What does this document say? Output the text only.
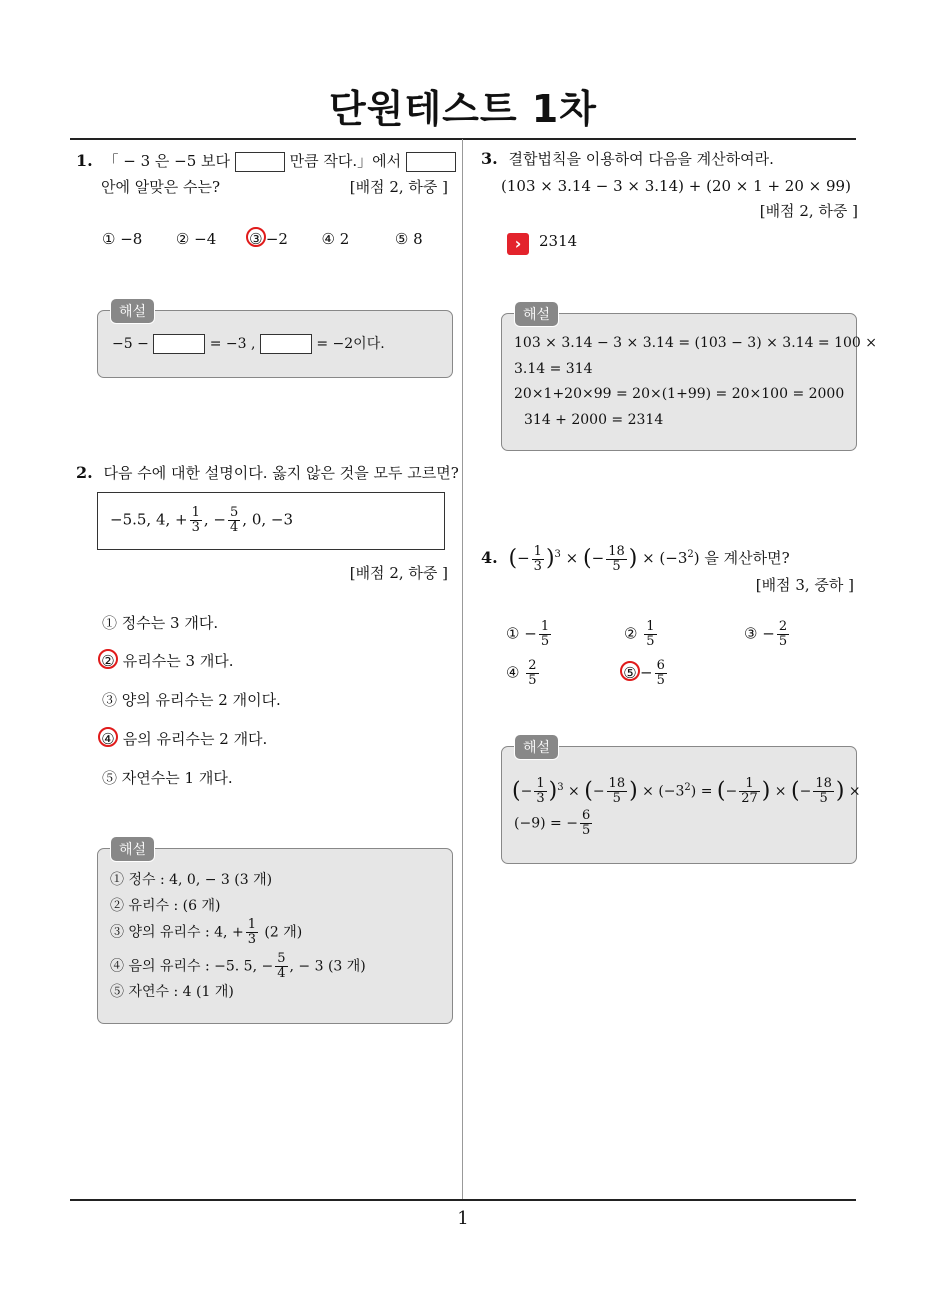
단원테스트 1차
1
1. 「 − 3 은 −5 보다	만큼 작다.」에서
안에 알맞은 수는?	[배점 2, 하중 ]
① −8 ② −4 ③ −2 ④ 2	⑤ 8
해설
−5 −	= −3 ,	= −2이다.
2. 다음 수에 대한 설명이다. 옳지 않은 것을 모두 고르면?
−5.5, 4, + $\frac{1}{3}$ , − $\frac{5}{4}$ , 0, −3
[배점 2, 하중 ]
① 정수는 3 개다.
② 유리수는 3 개다.
③ 양의 유리수는 2 개이다.
④ 음의 유리수는 2 개다.
⑤ 자연수는 1 개다.
해설
① 정수 : 4, 0, − 3 (3 개)
② 유리수 : (6 개)
③ 양의 유리수 : 4, + $\frac{1}{3} (2$ 개)
④ 음의 유리수 : −5. 5, − $\frac{5}{4}$ , − 3 (3 개)
⑤ 자연수 : 4 (1 개)
3. 결합법칙을 이용하여 다음을 계산하여라.
(103 × 3.14 − 3 × 3.14) + (20 × 1 + 20 × 99)
[배점 2, 하중 ]
›	2314
해설
103 × 3.14 − 3 × 3.14 = (103 − 3) × 3.14 = 100 ×
3.14 = 314
20×1+20×99 = 20×(1+99) = 20×100 = 2000
314 + 2000 = 2314
4. (− $\frac{1}{3} )^3$ × (− $\frac{18}{5}$ ) × $(-3^2)$ 을 계산하면?
[배점 3, 중하 ]
① − $\frac{1}{5}$	② $\frac{1}{5}$	③ − $\frac{2}{5}$
④ $\frac{2}{5}$	⑤ − $\frac{6}{5}$
해설
(− $\frac{1}{3} )^3$ × (− $\frac{18}{5}$ ) × $(-3^2)$ = (− $\frac{1}{27}$ ) × (− $\frac{18}{5}$ ) ×
(−9) = − $\frac{6}{5}$
